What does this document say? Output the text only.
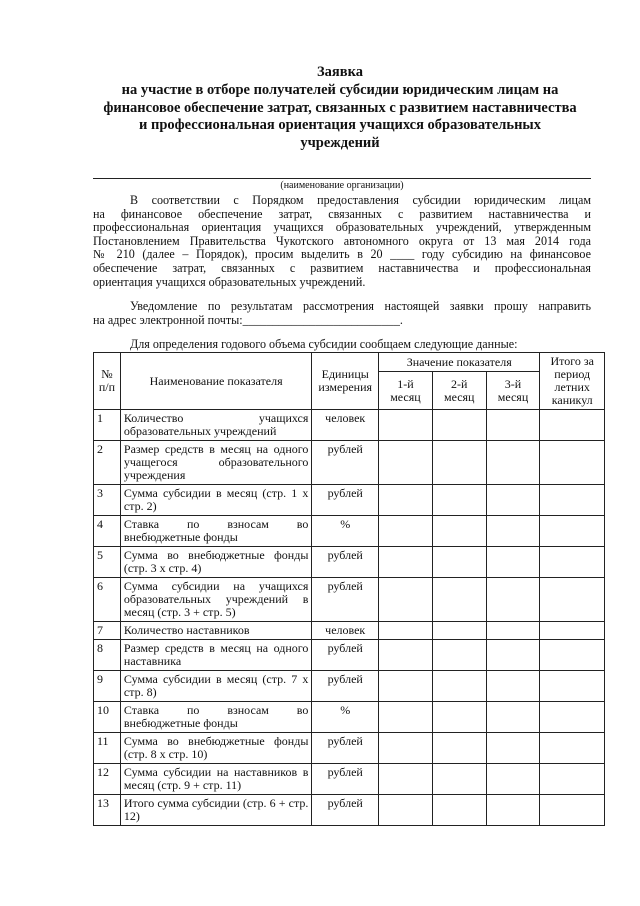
Заявка

на участие в отборе получателей субсидии юридическим лицам на
финансовое обеспечение затрат, связанных с развитием наставничества
и профессиональная ориентация учащихся образовательных
учреждений

(наименование организации)

В соответствии с Порядком предоставления субсидии юридическим лицам
на финансовое обеспечение затрат, связанных с развитием наставничества и
профессиональная ориентация учащихся образовательных учреждений, утвержденным
Постановлением Правительства Чукотского автономного округа от 13 мая 2014 года
№ 210 (далее – Порядок), просим выделить в 20 ____ году субсидию на финансовое
обеспечение затрат, связанных с развитием наставничества и профессиональная
ориентация учащихся образовательных учреждений.

Уведомление по результатам рассмотрения настоящей заявки прошу направить
на адрес электронной почты:__________________________.

Для определения годового объема субсидии сообщаем следующие данные:

№ п/п	Наименование показателя	Единицы измерения	Значение показателя			Итого за период летних каникул
			1-й месяц	2-й месяц	3-й месяц	
1	Количество учащихся образовательных учреждений	человек				
2	Размер средств в месяц на одного учащегося образовательного учреждения	рублей				
3	Сумма субсидии в месяц (стр. 1 х стр. 2)	рублей				
4	Ставка по взносам во внебюджетные фонды	%				
5	Сумма во внебюджетные фонды (стр. 3 х стр. 4)	рублей				
6	Сумма субсидии на учащихся образовательных учреждений в месяц (стр. 3 + стр. 5)	рублей				
7	Количество наставников	человек				
8	Размер средств в месяц на одного наставника	рублей				
9	Сумма субсидии в месяц (стр. 7 х стр. 8)	рублей				
10	Ставка по взносам во внебюджетные фонды	%				
11	Сумма во внебюджетные фонды (стр. 8 х стр. 10)	рублей				
12	Сумма субсидии на наставников в месяц (стр. 9 + стр. 11)	рублей				
13	Итого сумма субсидии (стр. 6 + стр. 12)	рублей				
